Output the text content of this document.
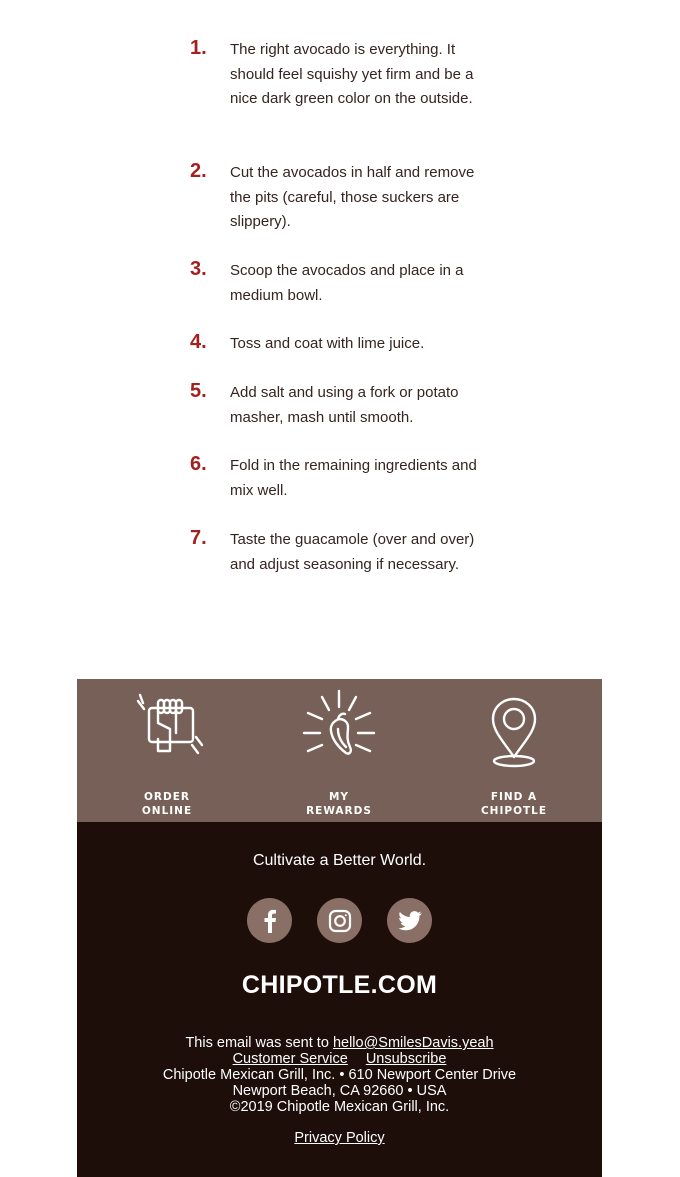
1.	The right avocado is everything. It should feel squishy yet firm and be a nice dark green color on the outside.
2.	Cut the avocados in half and remove the pits (careful, those suckers are slippery).
3.	Scoop the avocados and place in a medium bowl.
4.	Toss and coat with lime juice.
5.	Add salt and using a fork or potato masher, mash until smooth.
6.	Fold in the remaining ingredients and mix well.
7.	Taste the guacamole (over and over) and adjust seasoning if necessary.
ORDER
ONLINE
MY
REWARDS
FIND A
CHIPOTLE
Cultivate a Better World.
CHIPOTLE.COM
This email was sent to hello@SmilesDavis.yeah
Customer Service Unsubscribe
Chipotle Mexican Grill, Inc. • 610 Newport Center Drive
Newport Beach, CA 92660 • USA
©2019 Chipotle Mexican Grill, Inc.
Privacy Policy
